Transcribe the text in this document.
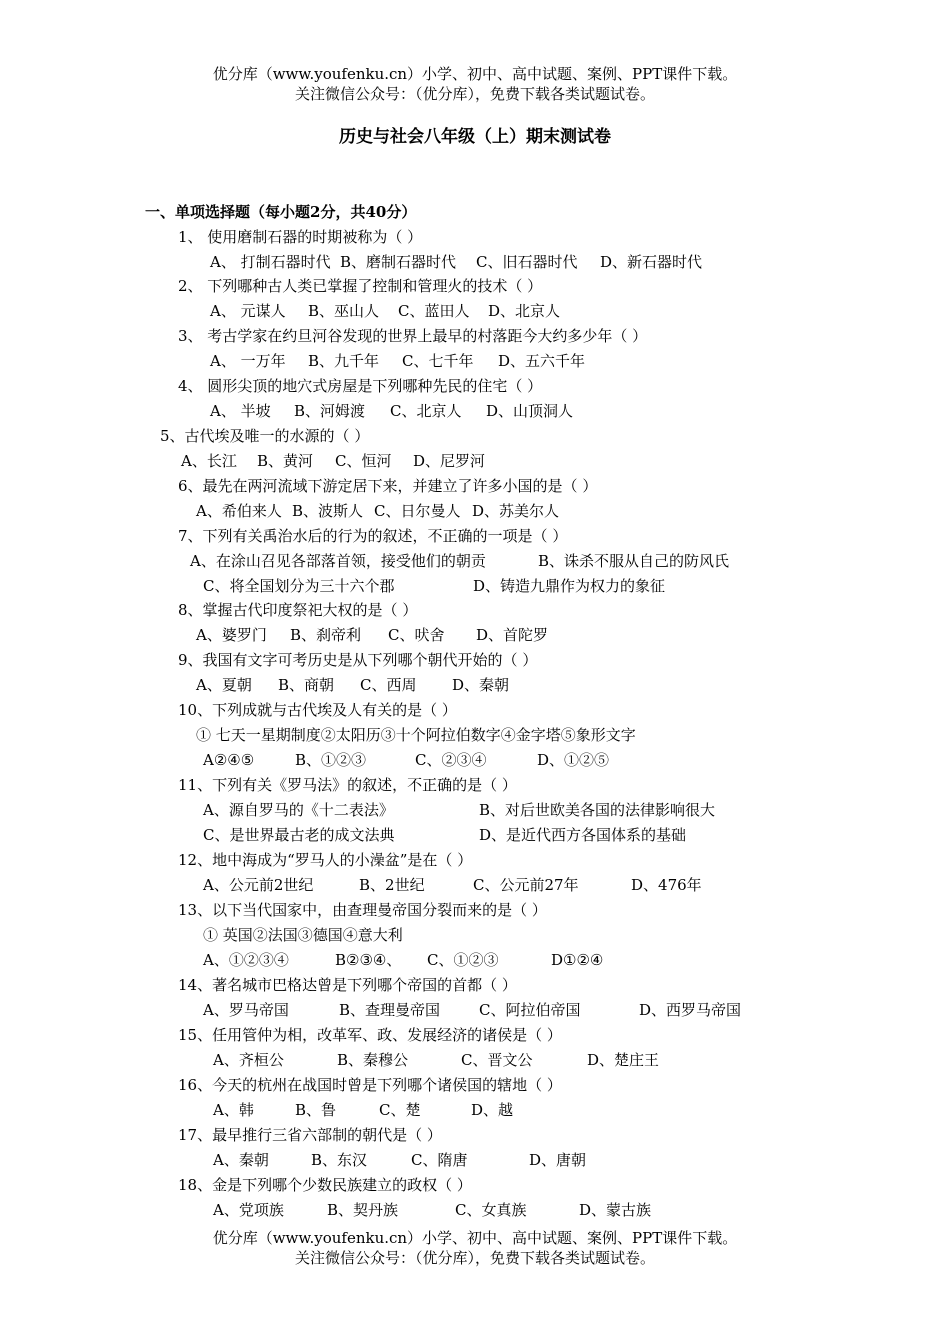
优分库（www.youfenku.cn）小学、初中、高中试题、案例、PPT课件下载。
关注微信公众号：（优分库），免费下载各类试题试卷。
历史与社会八年级（上）期末测试卷
一、单项选择题（每小题2分，共40分）
1、 使用磨制石器的时期被称为（ ）
A、 打制石器时代 B、磨制石器时代 C、旧石器时代 D、新石器时代
2、 下列哪种古人类已掌握了控制和管理火的技术（ ）
A、 元谋人 B、巫山人 C、蓝田人 D、北京人
3、 考古学家在约旦河谷发现的世界上最早的村落距今大约多少年（ ）
A、 一万年 B、九千年 C、七千年 D、五六千年
4、 圆形尖顶的地穴式房屋是下列哪种先民的住宅（ ）
A、 半坡 B、河姆渡 C、北京人 D、山顶洞人
5、古代埃及唯一的水源的（ ）
A、长江 B、黄河 C、恒河 D、尼罗河
6、最先在两河流域下游定居下来，并建立了许多小国的是（ ）
A、希伯来人 B、波斯人 C、日尔曼人 D、苏美尔人
7、下列有关禹治水后的行为的叙述，不正确的一项是（ ）
A、在涂山召见各部落首领，接受他们的朝贡	B、诛杀不服从自己的防风氏
C、将全国划分为三十六个郡	D、铸造九鼎作为权力的象征
8、掌握古代印度祭祀大权的是（ ）
A、婆罗门 B、刹帝利 C、吠舍 D、首陀罗
9、我国有文字可考历史是从下列哪个朝代开始的（ ）
A、夏朝 B、商朝 C、西周 D、秦朝
10、下列成就与古代埃及人有关的是（ ）
① 七天一星期制度②太阳历③十个阿拉伯数字④金字塔⑤象形文字
A②④⑤	B、①②③	C、②③④	D、①②⑤
11、下列有关《罗马法》的叙述，不正确的是（ ）
A、源自罗马的《十二表法》	B、对后世欧美各国的法律影响很大
C、是世界最古老的成文法典	D、是近代西方各国体系的基础
12、地中海成为“罗马人的小澡盆”是在（ ）
A、公元前2世纪	B、2世纪	C、公元前27年	D、476年
13、以下当代国家中，由查理曼帝国分裂而来的是（ ）
① 英国②法国③德国④意大利
A、①②③④	B②③④、 C、①②③	D①②④
14、著名城市巴格达曾是下列哪个帝国的首都（ ）
A、罗马帝国	B、查理曼帝国	C、阿拉伯帝国	D、西罗马帝国
15、任用管仲为相，改革军、政、发展经济的诸侯是（ ）
A、齐桓公	B、秦穆公	C、晋文公	D、楚庄王
16、今天的杭州在战国时曾是下列哪个诸侯国的辖地（ ）
A、韩	B、鲁	C、楚	D、越
17、最早推行三省六部制的朝代是（ ）
A、秦朝	B、东汉	C、隋唐	D、唐朝
18、金是下列哪个少数民族建立的政权（ ）
A、党项族	B、契丹族	C、女真族	D、蒙古族
优分库（www.youfenku.cn）小学、初中、高中试题、案例、PPT课件下载。
关注微信公众号：（优分库），免费下载各类试题试卷。
